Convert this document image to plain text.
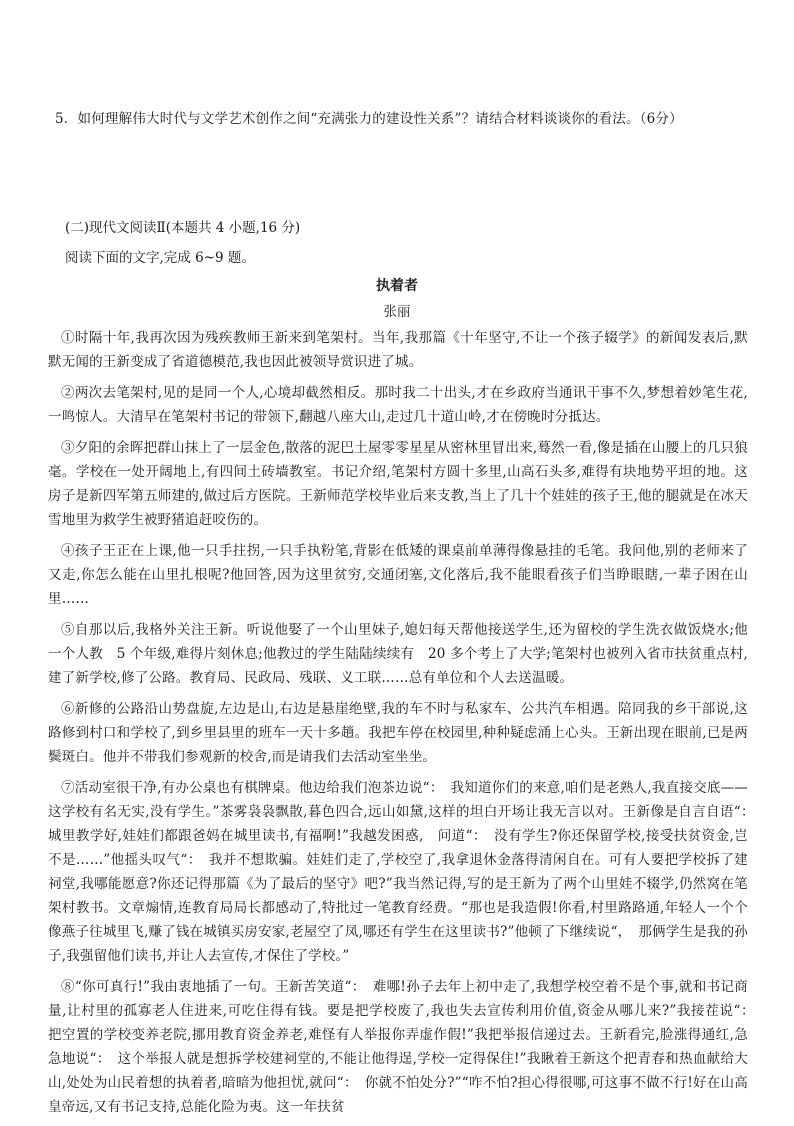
5．如何理解伟大时代与文学艺术创作之间“充满张力的建设性关系”？请结合材料谈谈你的看法。（6分）
(二)现代文阅读Ⅱ(本题共 4 小题,16 分)
阅读下面的文字,完成 6~9 题。
执着者
张丽

①时隔十年,我再次因为残疾教师王新来到笔架村。当年,我那篇《十年坚守,不让一个孩子辍学》的新闻发表后,默默无闻的王新变成了省道德模范,我也因此被领导赏识进了城。

②两次去笔架村,见的是同一个人,心境却截然相反。那时我二十出头,才在乡政府当通讯干事不久,梦想着妙笔生花,一鸣惊人。大清早在笔架村书记的带领下,翻越八座大山,走过几十道山岭,才在傍晚时分抵达。

③夕阳的余晖把群山抹上了一层金色,散落的泥巴土屋零零星星从密林里冒出来,蓦然一看,像是插在山腰上的几只狼毫。学校在一处开阔地上,有四间土砖墙教室。书记介绍,笔架村方圆十多里,山高石头多,难得有块地势平坦的地。这房子是新四军第五师建的,做过后方医院。王新师范学校毕业后来支教,当上了几十个娃娃的孩子王,他的腿就是在冰天雪地里为救学生被野猪追赶咬伤的。

④孩子王正在上课,他一只手拄拐,一只手执粉笔,背影在低矮的课桌前单薄得像悬挂的毛笔。我问他,别的老师来了又走,你怎么能在山里扎根呢?他回答,因为这里贫穷,交通闭塞,文化落后,我不能眼看孩子们当睁眼瞎,一辈子困在山里……

⑤自那以后,我格外关注王新。听说他娶了一个山里妹子,媳妇每天帮他接送学生,还为留校的学生洗衣做饭烧水;他一个人教　5 个年级,难得片刻休息;他教过的学生陆陆续续有　20 多个考上了大学;笔架村也被列入省市扶贫重点村,建了新学校,修了公路。教育局、民政局、残联、义工联……总有单位和个人去送温暖。

⑥新修的公路沿山势盘旋,左边是山,右边是悬崖绝壁,我的车不时与私家车、公共汽车相遇。陪同我的乡干部说,这路修到村口和学校了,到乡里县里的班车一天十多趟。我把车停在校园里,种种疑虑涌上心头。王新出现在眼前,已是两鬓斑白。他并不带我们参观新的校舍,而是请我们去活动室坐坐。

⑦活动室很干净,有办公桌也有棋牌桌。他边给我们泡茶边说“：　我知道你们的来意,咱们是老熟人,我直接交底——这学校有名无实,没有学生。”茶雾袅袅飘散,暮色四合,远山如黛,这样的坦白开场让我无言以对。王新像是自言自语“：　城里教学好,娃娃们都跟爸妈在城里读书,有福啊!”我越发困惑,　问道“：　没有学生?你还保留学校,接受扶贫资金,岂不是……”他摇头叹气“：　我并不想欺骗。娃娃们走了,学校空了,我拿退休金落得清闲自在。可有人要把学校拆了建祠堂,我哪能愿意?你还记得那篇《为了最后的坚守》吧?”我当然记得,写的是王新为了两个山里娃不辍学,仍然窝在笔架村教书。文章煽情,连教育局局长都感动了,特批过一笔教育经费。“那也是我造假!你看,村里路路通,年轻人一个个像燕子往城里飞,赚了钱在城镇买房安家,老屋空了凤,哪还有学生在这里读书?”他顿了下继续说“，　那俩学生是我的孙子,我强留他们读书,并让人去宣传,才保住了学校。”

⑧“你可真行!”我由衷地插了一句。王新苦笑道“：　难哪!孙子去年上初中走了,我想学校空着不是个事,就和书记商量,让村里的孤寡老人住进来,可吃住得有钱。要是把学校废了,我也失去宣传利用价值,资金从哪儿来?”我接茬说“：　把空置的学校变养老院,挪用教育资金养老,难怪有人举报你弄虚作假!”我把举报信递过去。王新看完,脸涨得通红,急急地说“：　这个举报人就是想拆学校建祠堂的,不能让他得逞,学校一定得保住!”我瞅着王新这个把青春和热血献给大山,处处为山民着想的执着者,暗暗为他担忧,就问“：　你就不怕处分?”“咋不怕?担心得很哪,可这事不做不行!好在山高皇帝远,又有书记支持,总能化险为夷。这一年扶贫
